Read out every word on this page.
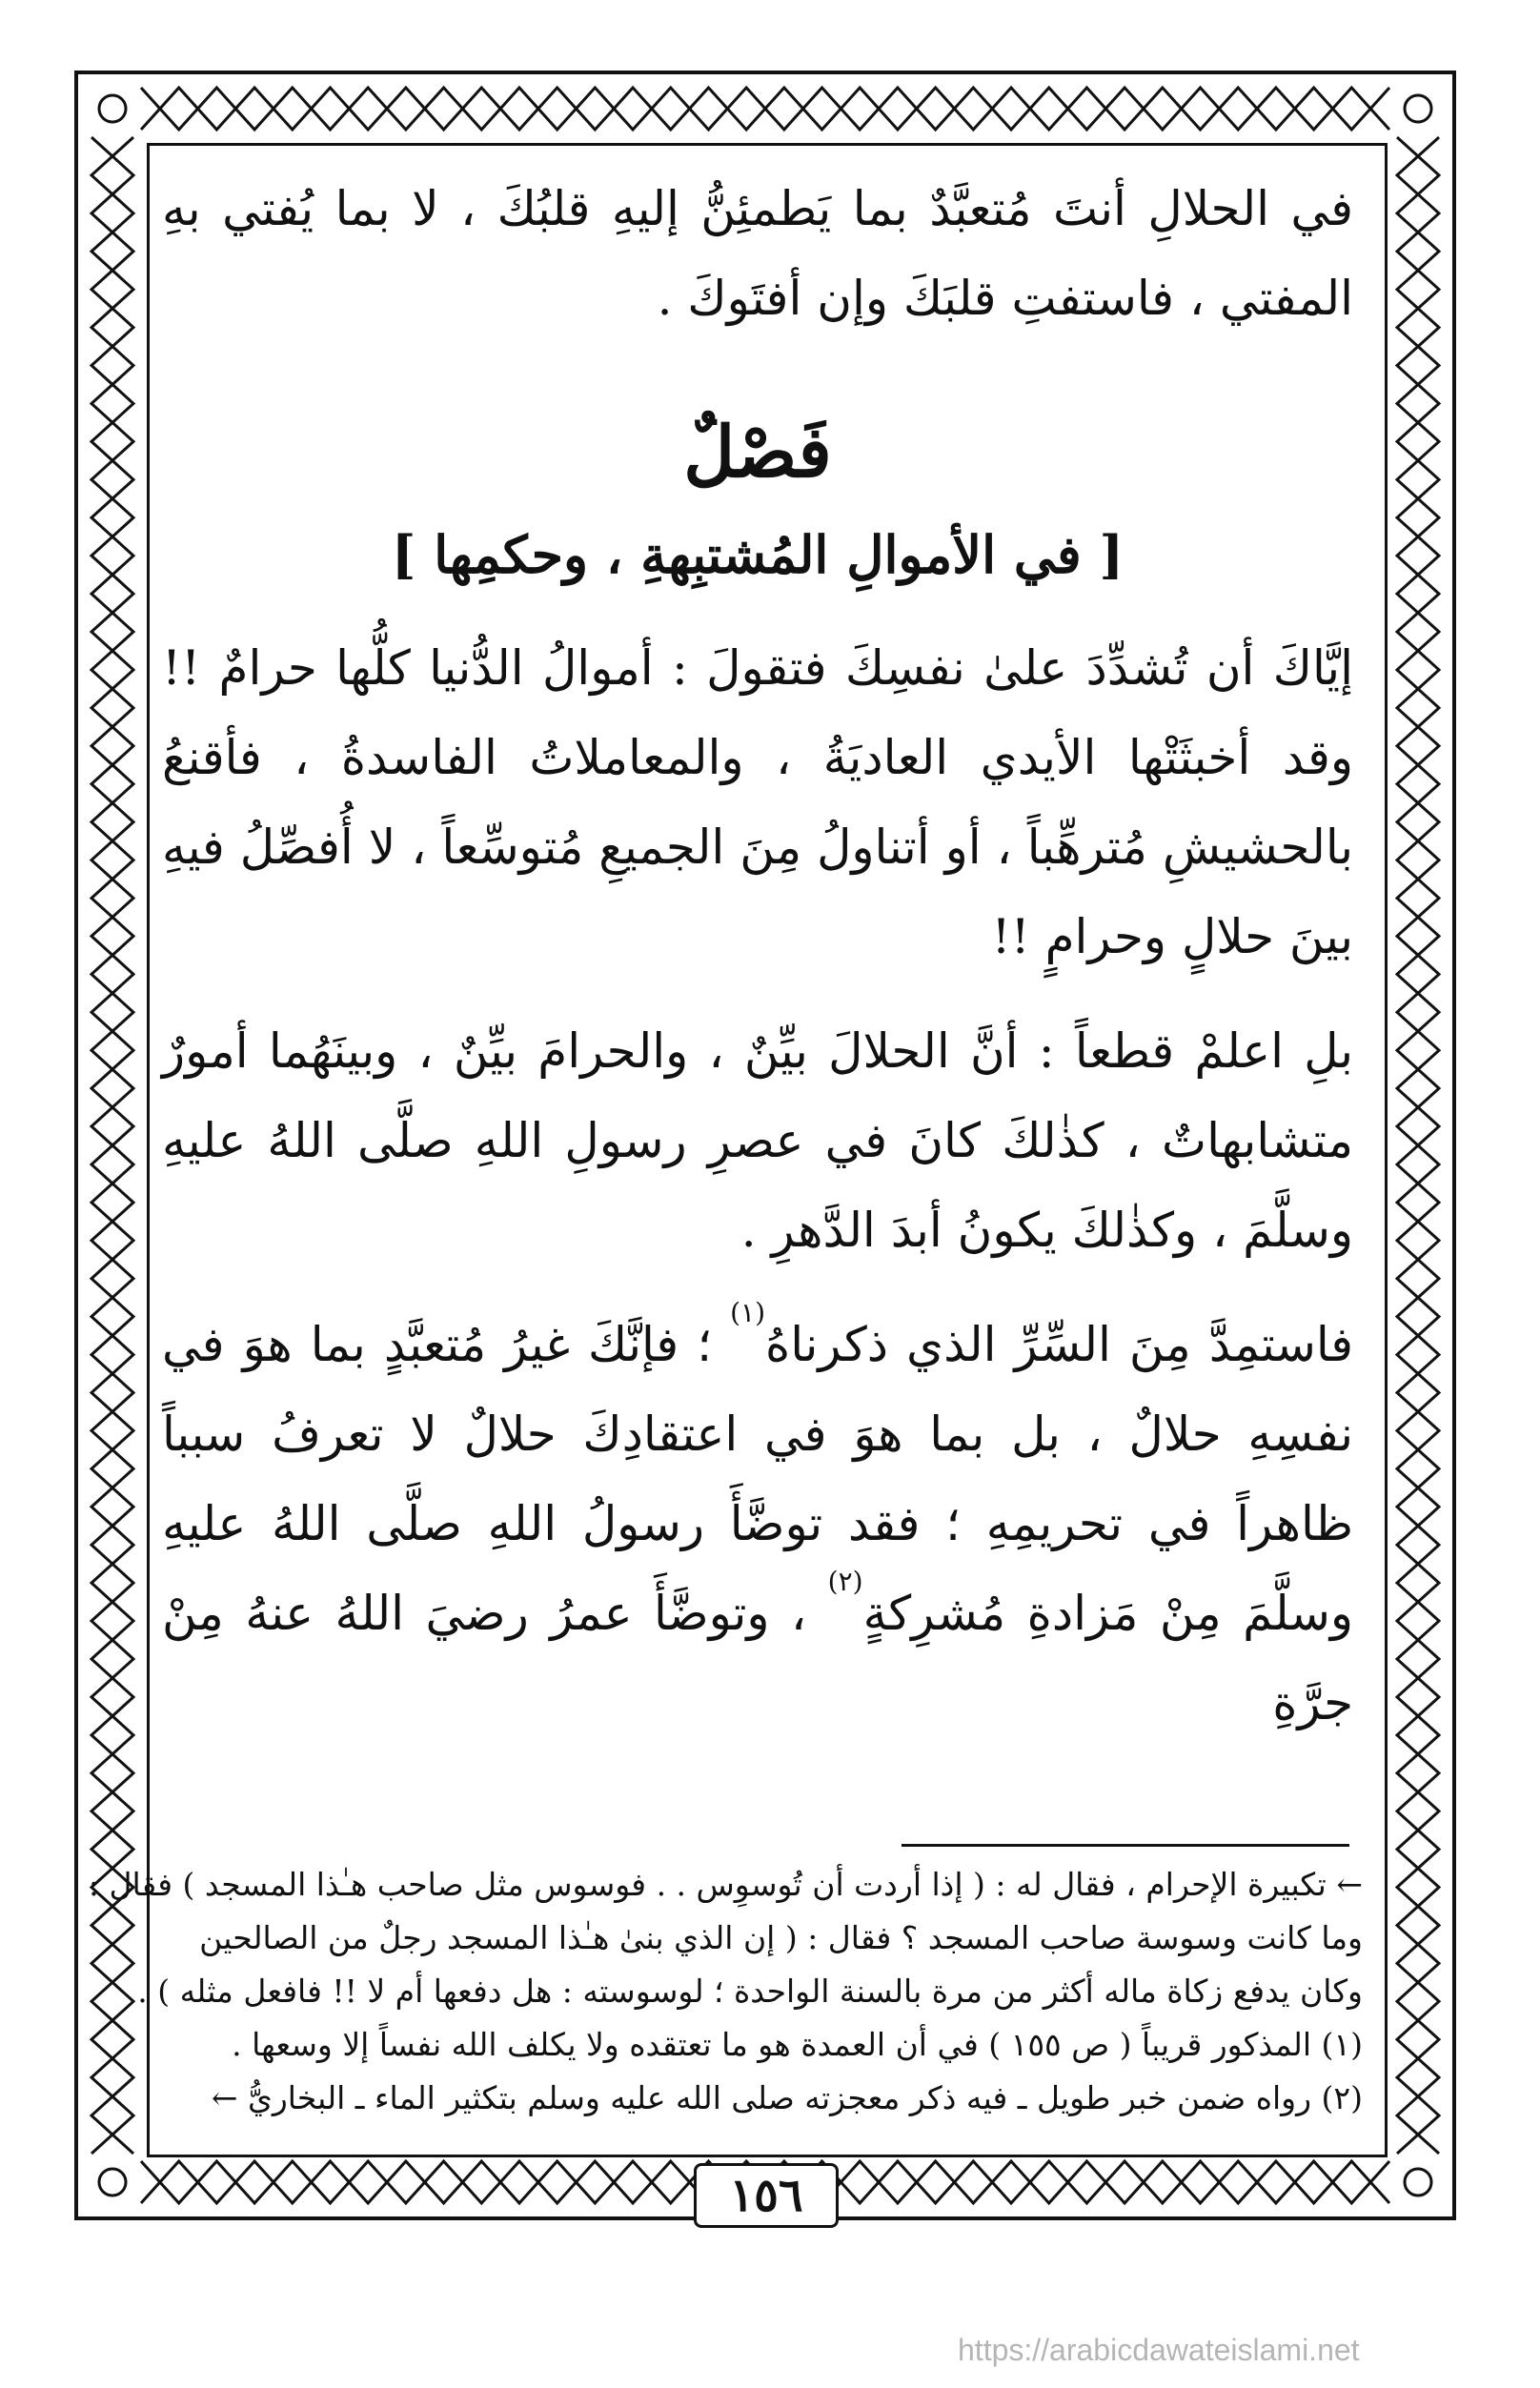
في الحلالِ أنتَ مُتعبَّدٌ بما يَطمئِنُّ إليهِ قلبُكَ ، لا بما يُفتي بهِ المفتي ، فاستفتِ قلبَكَ وإن أفتَوكَ .

فَصْلٌ
[ في الأموالِ المُشتبِهةِ ، وحكمِها ]

إيَّاكَ أن تُشدِّدَ علىٰ نفسِكَ فتقولَ : أموالُ الدُّنيا كلُّها حرامٌ !! وقد أخبثَتْها الأيدي العاديَةُ ، والمعاملاتُ الفاسدةُ ، فأقنعُ بالحشيشِ مُترهِّباً ، أو أتناولُ مِنَ الجميعِ مُتوسِّعاً ، لا أُفصِّلُ فيهِ بينَ حلالٍ وحرامٍ !!

بلِ اعلمْ قطعاً : أنَّ الحلالَ بيِّنٌ ، والحرامَ بيِّنٌ ، وبينَهُما أمورٌ متشابهاتٌ ، كذٰلكَ كانَ في عصرِ رسولِ اللهِ صلَّى اللهُ عليهِ وسلَّمَ ، وكذٰلكَ يكونُ أبدَ الدَّهرِ .

فاستمِدَّ مِنَ السِّرِّ الذي ذكرناهُ$^{(١)}$ ؛ فإنَّكَ غيرُ مُتعبَّدٍ بما هوَ في نفسِهِ حلالٌ ، بل بما هوَ في اعتقادِكَ حلالٌ لا تعرفُ سبباً ظاهراً في تحريمِهِ ؛ فقد توضَّأَ رسولُ اللهِ صلَّى اللهُ عليهِ وسلَّمَ مِنْ مَزادةِ مُشرِكةٍ$^{(٢)}$ ، وتوضَّأَ عمرُ رضيَ اللهُ عنهُ مِنْ جرَّةِ

← تكبيرة الإحرام ، فقال له : ( إذا أردت أن تُوسوِس . . فوسوس مثل صاحب هـٰذا المسجد ) فقال :

وما كانت وسوسة صاحب المسجد ؟ فقال : ( إن الذي بنىٰ هـٰذا المسجد رجلٌ من الصالحين

وكان يدفع زكاة ماله أكثر من مرة بالسنة الواحدة ؛ لوسوسته : هل دفعها أم لا !! فافعل مثله ) .

(١) المذكور قريباً ( ص ١٥٥ ) في أن العمدة هو ما تعتقده ولا يكلف الله نفساً إلا وسعها .

(٢) رواه ضمن خبر طويل ـ فيه ذكر معجزته صلى الله عليه وسلم بتكثير الماء ـ البخاريُّ ←

١٥٦
https://arabicdawateislami.net
